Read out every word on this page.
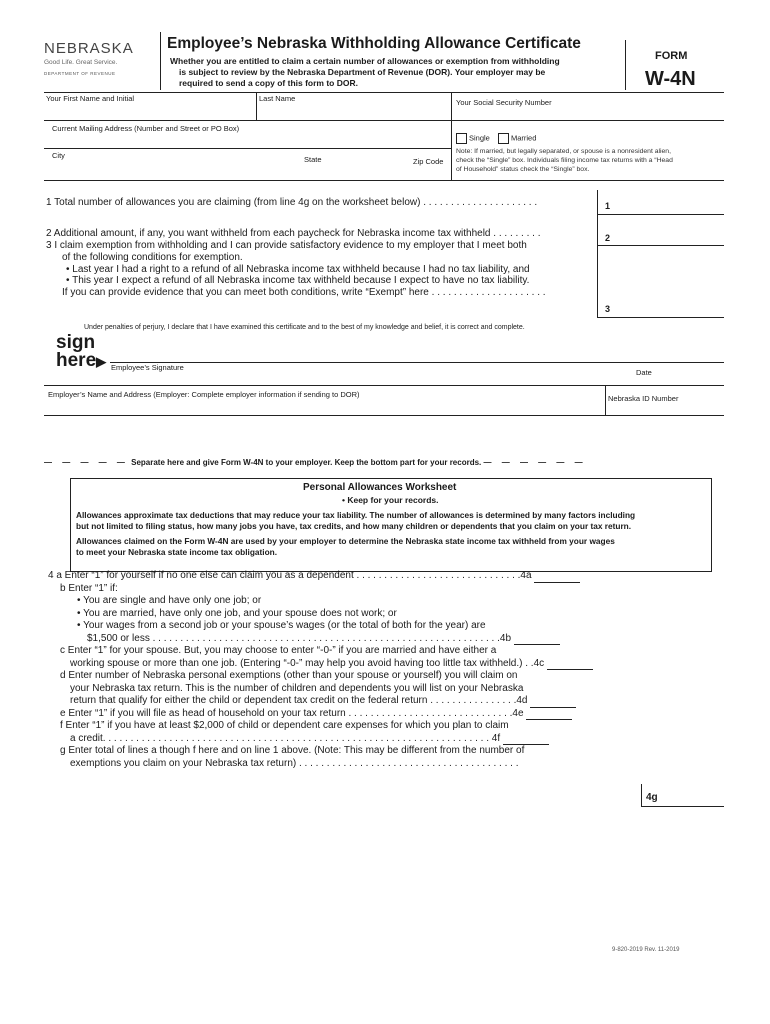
NEBRASKA
Good Life. Great Service.
DEPARTMENT OF REVENUE
Employee’s Nebraska Withholding Allowance Certificate
Whether you are entitled to claim a certain number of allowances or exemption from withholding
is subject to review by the Nebraska Department of Revenue (DOR). Your employer may be
required to send a copy of this form to DOR.
FORM
W-4N
Your First Name and Initial	Last Name	Your Social Security Number
Current Mailing Address (Number and Street or PO Box)
City	State	Zip Code
Single	Married
Note: If married, but legally separated, or spouse is a nonresident alien,
check the “Single” box. Individuals filing income tax returns with a “Head
of Household” status check the “Single” box.
1 Total number of allowances you are claiming (from line 4g on the worksheet below) . . . . . . . . . . . . . . . . . . . . .	1
2 Additional amount, if any, you want withheld from each paycheck for Nebraska income tax withheld . . . . . . . . .	2
3 I claim exemption from withholding and I can provide satisfactory evidence to my employer that I meet both
of the following conditions for exemption.
• Last year I had a right to a refund of all Nebraska income tax withheld because I had no tax liability, and
• This year I expect a refund of all Nebraska income tax withheld because I expect to have no tax liability.
If you can provide evidence that you can meet both conditions, write “Exempt” here . . . . . . . . . . . . . . . . . . . . .
3
Under penalties of perjury, I declare that I have examined this certificate and to the best of my knowledge and belief, it is correct and complete.
sign
here▶ Employee’s Signature
Date
Employer’s Name and Address (Employer: Complete employer information if sending to DOR)	Nebraska ID Number
— — — — — Separate here and give Form W-4N to your employer. Keep the bottom part for your records. — — — — — —
Personal Allowances Worksheet
• Keep for your records.
Allowances approximate tax deductions that may reduce your tax liability. The number of allowances is determined by many factors including
but not limited to filing status, how many jobs you have, tax credits, and how many children or dependents that you claim on your tax return.
Allowances claimed on the Form W-4N are used by your employer to determine the Nebraska state income tax withheld from your wages
to meet your Nebraska state income tax obligation.
4 a Enter “1” for yourself if no one else can claim you as a dependent . . . . . . . . . . . . . . . . . . . . . . . . . . . . . .4a
b Enter “1” if:
• You are single and have only one job; or
• You are married, have only one job, and your spouse does not work; or
• Your wages from a second job or your spouse’s wages (or the total of both for the year) are
$1,500 or less . . . . . . . . . . . . . . . . . . . . . . . . . . . . . . . . . . . . . . . . . . . . . . . . . . . . . . . . . . . . . . .4b
c Enter “1” for your spouse. But, you may choose to enter “-0-” if you are married and have either a
working spouse or more than one job. (Entering “-0-” may help you avoid having too little tax withheld.) . .4c
d Enter number of Nebraska personal exemptions (other than your spouse or yourself) you will claim on
your Nebraska tax return. This is the number of children and dependents you will list on your Nebraska
return that qualify for either the child or dependent tax credit on the federal return . . . . . . . . . . . . . . . .4d
e Enter “1” if you will file as head of household on your tax return . . . . . . . . . . . . . . . . . . . . . . . . . . . . . .4e
f Enter “1” if you have at least $2,000 of child or dependent care expenses for which you plan to claim
a credit. . . . . . . . . . . . . . . . . . . . . . . . . . . . . . . . . . . . . . . . . . . . . . . . . . . . . . . . . . . . . . . . . . . . . . 4f
g Enter total of lines a though f here and on line 1 above. (Note: This may be different from the number of
exemptions you claim on your Nebraska tax return) . . . . . . . . . . . . . . . . . . . . . . . . . . . . . . . . . . . . . . . .
4g
9-820-2019 Rev. 11-2019
